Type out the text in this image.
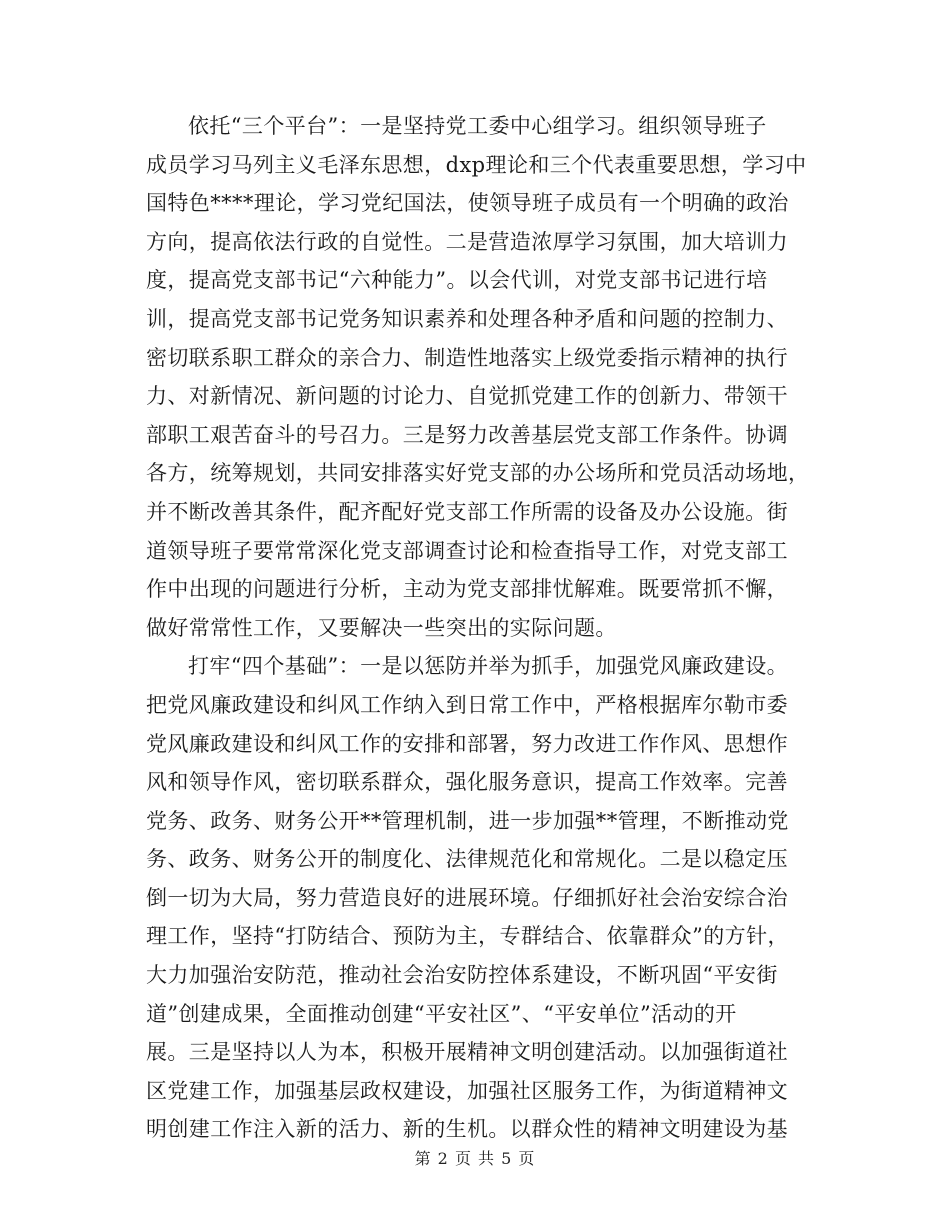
依托“三个平台”：一是坚持党工委中心组学习。组织领导班子
成员学习马列主义毛泽东思想，dxp理论和三个代表重要思想，学习中
国特色****理论，学习党纪国法，使领导班子成员有一个明确的政治
方向，提高依法行政的自觉性。二是营造浓厚学习氛围，加大培训力
度，提高党支部书记“六种能力”。以会代训，对党支部书记进行培
训，提高党支部书记党务知识素养和处理各种矛盾和问题的控制力、
密切联系职工群众的亲合力、制造性地落实上级党委指示精神的执行
力、对新情况、新问题的讨论力、自觉抓党建工作的创新力、带领干
部职工艰苦奋斗的号召力。三是努力改善基层党支部工作条件。协调
各方，统筹规划，共同安排落实好党支部的办公场所和党员活动场地，
并不断改善其条件，配齐配好党支部工作所需的设备及办公设施。街
道领导班子要常常深化党支部调查讨论和检查指导工作，对党支部工
作中出现的问题进行分析，主动为党支部排忧解难。既要常抓不懈，
做好常常性工作，又要解决一些突出的实际问题。
打牢“四个基础”：一是以惩防并举为抓手，加强党风廉政建设。
把党风廉政建设和纠风工作纳入到日常工作中，严格根据库尔勒市委
党风廉政建设和纠风工作的安排和部署，努力改进工作作风、思想作
风和领导作风，密切联系群众，强化服务意识，提高工作效率。完善
党务、政务、财务公开**管理机制，进一步加强**管理，不断推动党
务、政务、财务公开的制度化、法律规范化和常规化。二是以稳定压
倒一切为大局，努力营造良好的进展环境。仔细抓好社会治安综合治
理工作，坚持“打防结合、预防为主，专群结合、依靠群众”的方针，
大力加强治安防范，推动社会治安防控体系建设，不断巩固“平安街
道”创建成果，全面推动创建“平安社区”、“平安单位”活动的开
展。三是坚持以人为本，积极开展精神文明创建活动。以加强街道社
区党建工作，加强基层政权建设，加强社区服务工作，为街道精神文
明创建工作注入新的活力、新的生机。以群众性的精神文明建设为基
第 2 页 共 5 页
